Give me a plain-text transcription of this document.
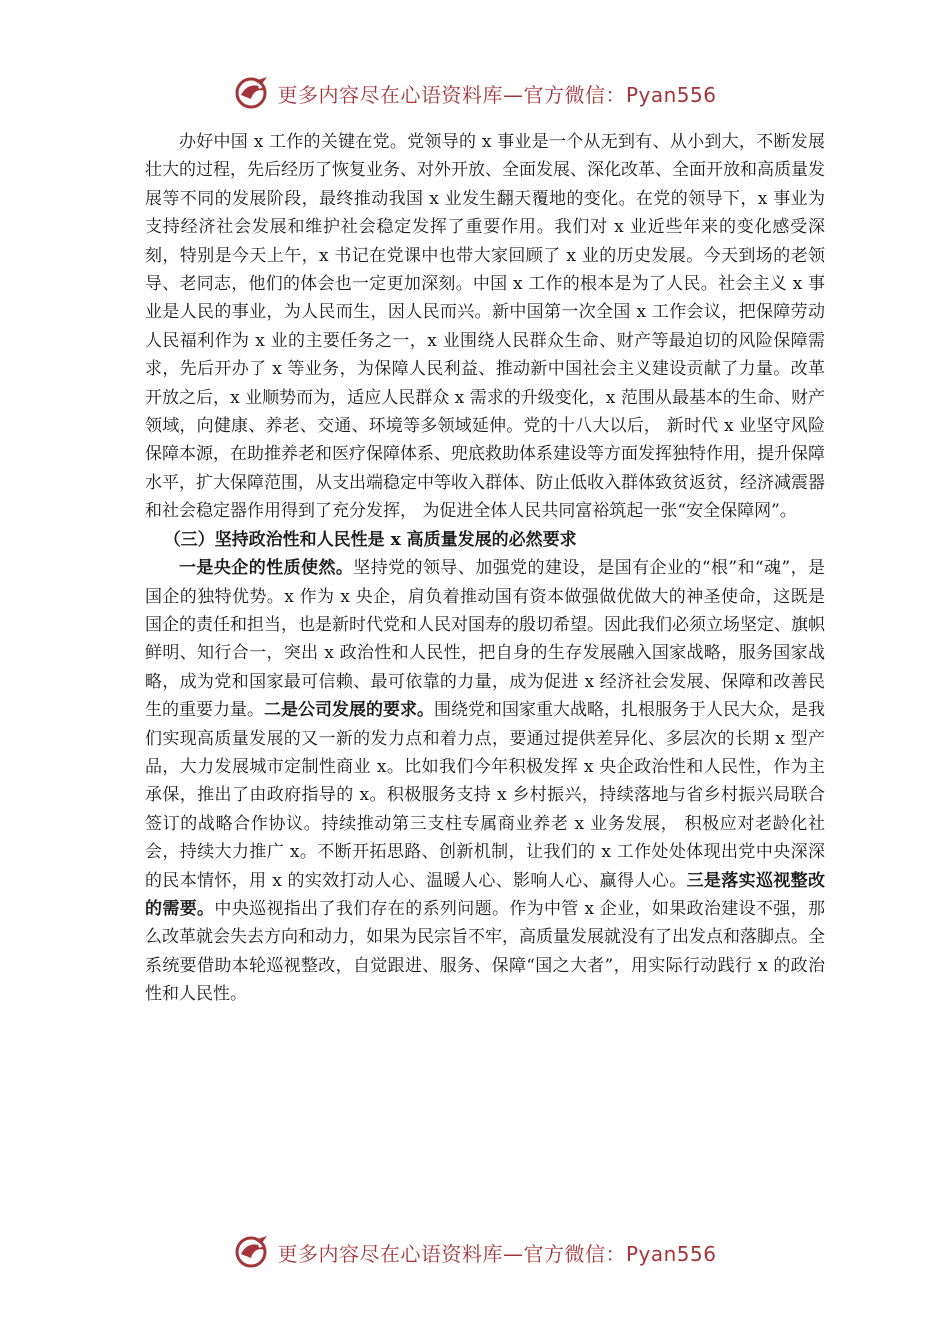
更多内容尽在心语资料库—官方微信：Pyan556

办好中国 x 工作的关键在党。党领导的 x 事业是一个从无到有、从小到大，不断发展壮大的过程，先后经历了恢复业务、对外开放、全面发展、深化改革、全面开放和高质量发展等不同的发展阶段，最终推动我国 x 业发生翻天覆地的变化。在党的领导下，x 事业为支持经济社会发展和维护社会稳定发挥了重要作用。我们对 x 业近些年来的变化感受深刻，特别是今天上午，x 书记在党课中也带大家回顾了 x 业的历史发展。今天到场的老领导、老同志，他们的体会也一定更加深刻。中国 x 工作的根本是为了人民。社会主义 x 事业是人民的事业，为人民而生，因人民而兴。新中国第一次全国 x 工作会议，把保障劳动人民福利作为 x 业的主要任务之一，x 业围绕人民群众生命、财产等最迫切的风险保障需求，先后开办了 x 等业务，为保障人民利益、推动新中国社会主义建设贡献了力量。改革开放之后，x 业顺势而为，适应人民群众 x 需求的升级变化，x 范围从最基本的生命、财产领域，向健康、养老、交通、环境等多领域延伸。党的十八大以后， 新时代 x 业坚守风险保障本源，在助推养老和医疗保障体系、兜底救助体系建设等方面发挥独特作用，提升保障水平，扩大保障范围，从支出端稳定中等收入群体、防止低收入群体致贫返贫，经济减震器和社会稳定器作用得到了充分发挥， 为促进全体人民共同富裕筑起一张“安全保障网”。

（三）坚持政治性和人民性是 x 高质量发展的必然要求

一是央企的性质使然。坚持党的领导、加强党的建设，是国有企业的“根”和“魂”，是国企的独特优势。x 作为 x 央企，肩负着推动国有资本做强做优做大的神圣使命，这既是国企的责任和担当，也是新时代党和人民对国寿的殷切希望。因此我们必须立场坚定、旗帜鲜明、知行合一，突出 x 政治性和人民性，把自身的生存发展融入国家战略，服务国家战略，成为党和国家最可信赖、最可依靠的力量，成为促进 x 经济社会发展、保障和改善民生的重要力量。二是公司发展的要求。围绕党和国家重大战略，扎根服务于人民大众，是我们实现高质量发展的又一新的发力点和着力点，要通过提供差异化、多层次的长期 x 型产品，大力发展城市定制性商业 x。比如我们今年积极发挥 x 央企政治性和人民性，作为主承保，推出了由政府指导的 x。积极服务支持 x 乡村振兴，持续落地与省乡村振兴局联合签订的战略合作协议。持续推动第三支柱专属商业养老 x 业务发展， 积极应对老龄化社会，持续大力推广 x。不断开拓思路、创新机制，让我们的 x 工作处处体现出党中央深深的民本情怀，用 x 的实效打动人心、温暖人心、影响人心、赢得人心。三是落实巡视整改的需要。中央巡视指出了我们存在的系列问题。作为中管 x 企业，如果政治建设不强，那么改革就会失去方向和动力，如果为民宗旨不牢，高质量发展就没有了出发点和落脚点。全系统要借助本轮巡视整改，自觉跟进、服务、保障“国之大者”，用实际行动践行 x 的政治性和人民性。

更多内容尽在心语资料库—官方微信：Pyan556
